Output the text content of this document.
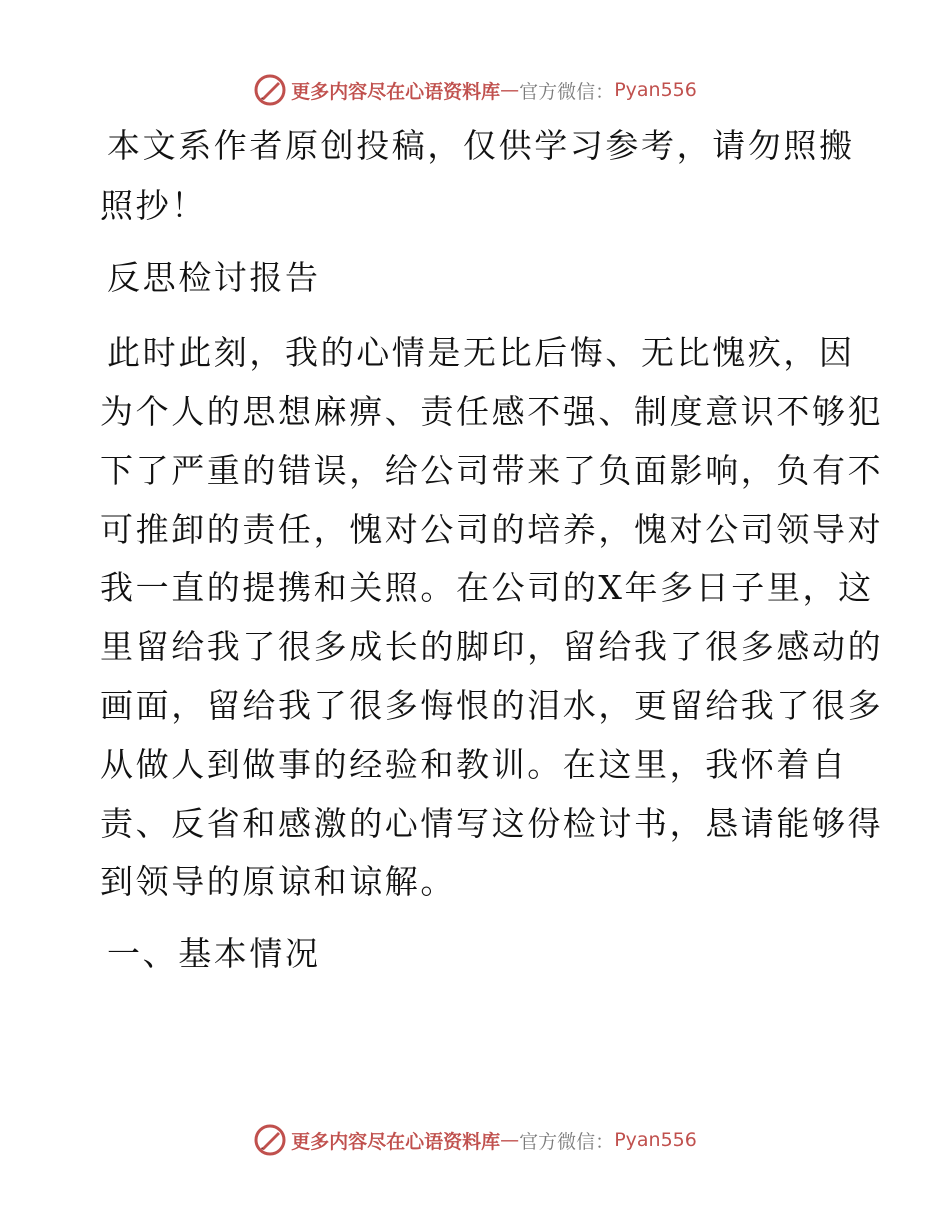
更多内容尽在心语资料库 — 官方微信： Pyan556
本文系作者原创投稿，仅供学习参考，请勿照搬
照抄！
反思检讨报告
此时此刻，我的心情是无比后悔、无比愧疚，因
为个人的思想麻痹、责任感不强、制度意识不够犯
下了严重的错误，给公司带来了负面影响，负有不
可推卸的责任，愧对公司的培养，愧对公司领导对
我一直的提携和关照。在公司的X年多日子里，这
里留给我了很多成长的脚印，留给我了很多感动的
画面，留给我了很多悔恨的泪水，更留给我了很多
从做人到做事的经验和教训。在这里，我怀着自
责、反省和感激的心情写这份检讨书，恳请能够得
到领导的原谅和谅解。
一、基本情况
更多内容尽在心语资料库 — 官方微信： Pyan556
